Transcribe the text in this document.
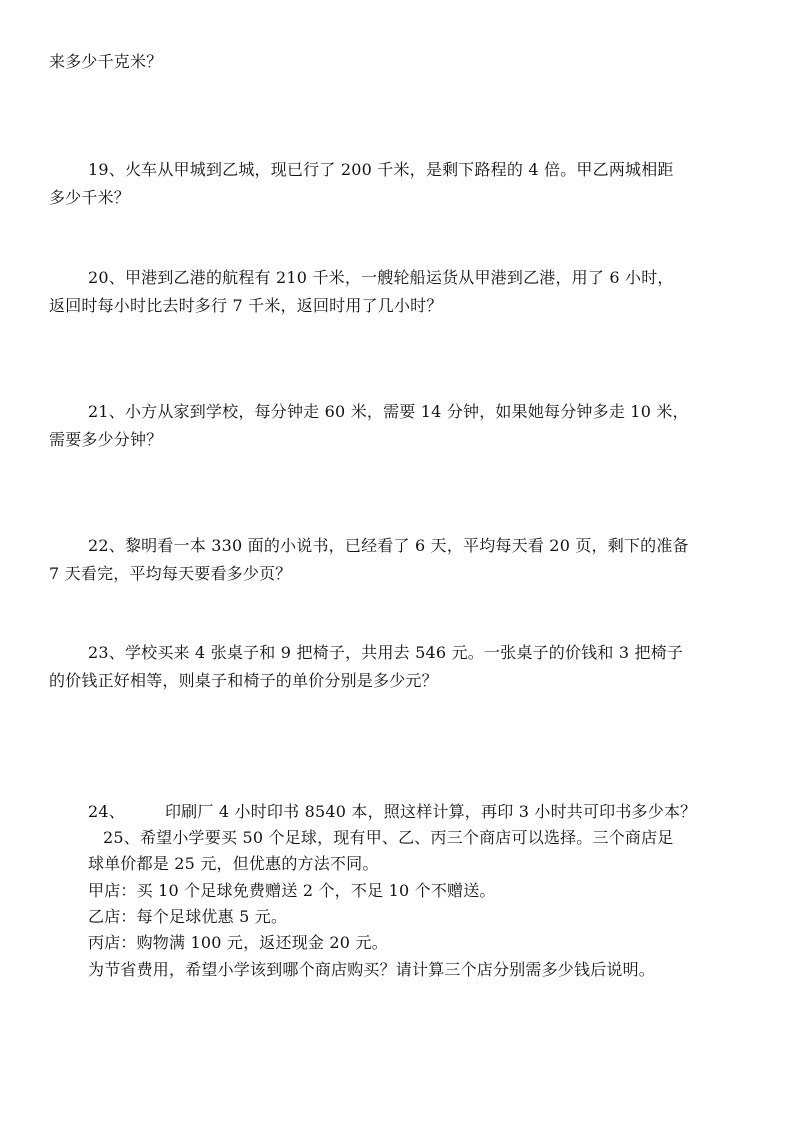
来多少千克米？
19、火车从甲城到乙城，现已行了 200 千米，是剩下路程的 4 倍。甲乙两城相距
多少千米？
20、甲港到乙港的航程有 210 千米，一艘轮船运货从甲港到乙港，用了 6 小时，
返回时每小时比去时多行 7 千米，返回时用了几小时？
21、小方从家到学校，每分钟走 60 米，需要 14 分钟，如果她每分钟多走 10 米，
需要多少分钟？
22、黎明看一本 330 面的小说书，已经看了 6 天，平均每天看 20 页，剩下的准备
7 天看完，平均每天要看多少页？
23、学校买来 4 张桌子和 9 把椅子，共用去 546 元。一张桌子的价钱和 3 把椅子
的价钱正好相等，则桌子和椅子的单价分别是多少元？
24、	印刷厂 4 小时印书 8540 本，照这样计算，再印 3 小时共可印书多少本？
25、希望小学要买 50 个足球，现有甲、乙、丙三个商店可以选择。三个商店足
球单价都是 25 元，但优惠的方法不同。
甲店：买 10 个足球免费赠送 2 个，不足 10 个不赠送。
乙店：每个足球优惠 5 元。
丙店：购物满 100 元，返还现金 20 元。
为节省费用，希望小学该到哪个商店购买？请计算三个店分别需多少钱后说明。
